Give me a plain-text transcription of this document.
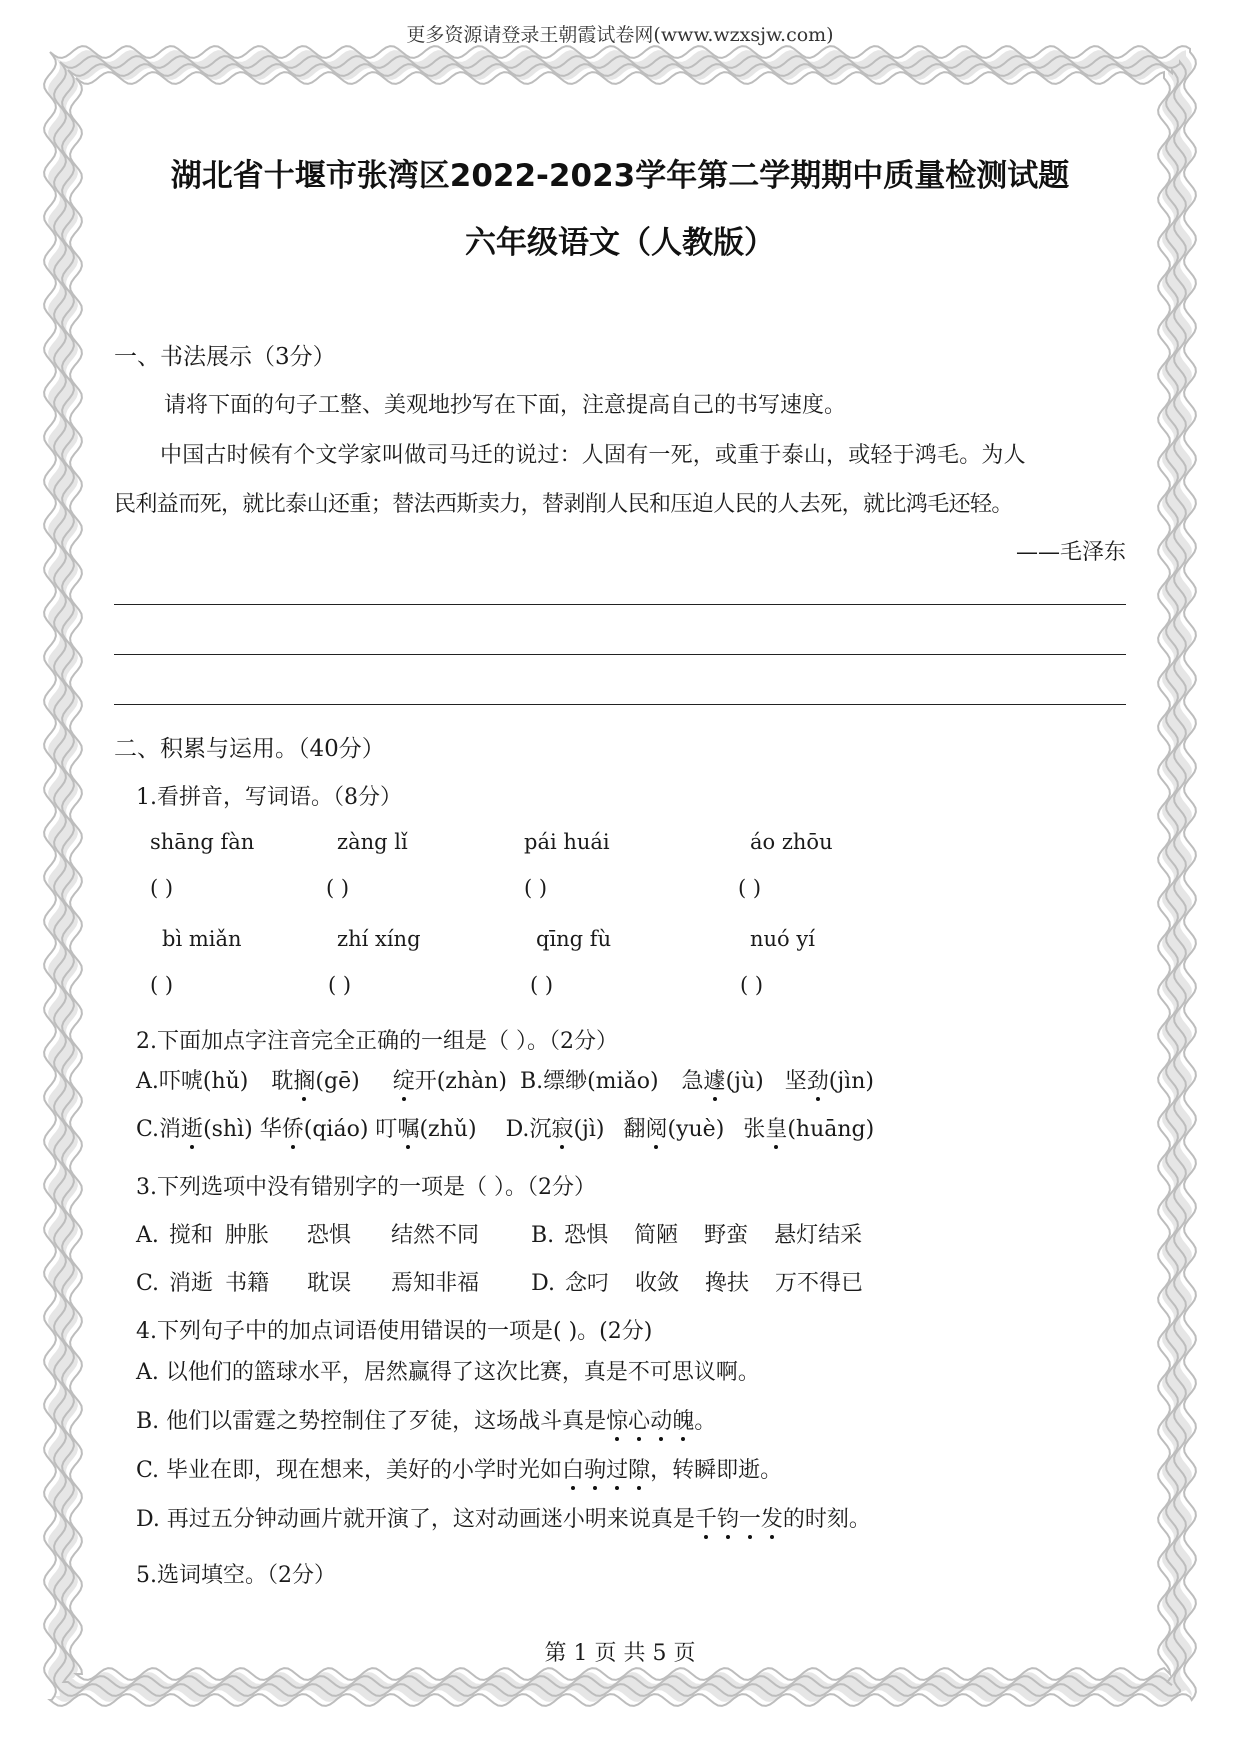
更多资源请登录王朝霞试卷网(www.wzxsjw.com)
湖北省十堰市张湾区2022-2023学年第二学期期中质量检测试题
六年级语文（人教版）
一、书法展示（3分）
请将下面的句子工整、美观地抄写在下面，注意提高自己的书写速度。
中国古时候有个文学家叫做司马迁的说过：人固有一死，或重于泰山，或轻于鸿毛。为人
民利益而死，就比泰山还重；替法西斯卖力，替剥削人民和压迫人民的人去死，就比鸿毛还轻。
——毛泽东
二、积累与运用。（40分）
1.看拼音，写词语。（8分）
shāng fàn	zàng lǐ	pái huái	áo zhōu
( )	( )	( )	( )
bì miǎn	zhí xíng	qīng fù	nuó yí
( )	( )	( )	( )
2.下面加点字注音完全正确的一组是（ ）。（2分）
A.吓唬(hǔ) 耽搁(gē) 绽开(zhàn) B.缥缈(miǎo) 急遽(jù) 坚劲(jìn)
C.消逝(shì) 华侨(qiáo) 叮嘱(zhǔ) D.沉寂(jì) 翻阅(yuè) 张皇(huāng)
3.下列选项中没有错别字的一项是（ ）。（2分）
A. 搅和 肿胀 恐惧 结然不同 B. 恐惧 简陋 野蛮 悬灯结采
C. 消逝 书籍 耽误 焉知非福 D. 念叼 收敛 搀扶 万不得已
4.下列句子中的加点词语使用错误的一项是( )。(2分)
A. 以他们的篮球水平，居然赢得了这次比赛，真是不可思议啊。
B. 他们以雷霆之势控制住了歹徒，这场战斗真是惊心动魄。
C. 毕业在即，现在想来，美好的小学时光如白驹过隙，转瞬即逝。
D. 再过五分钟动画片就开演了，这对动画迷小明来说真是千钧一发的时刻。
5.选词填空。（2分）
第 1 页 共 5 页
